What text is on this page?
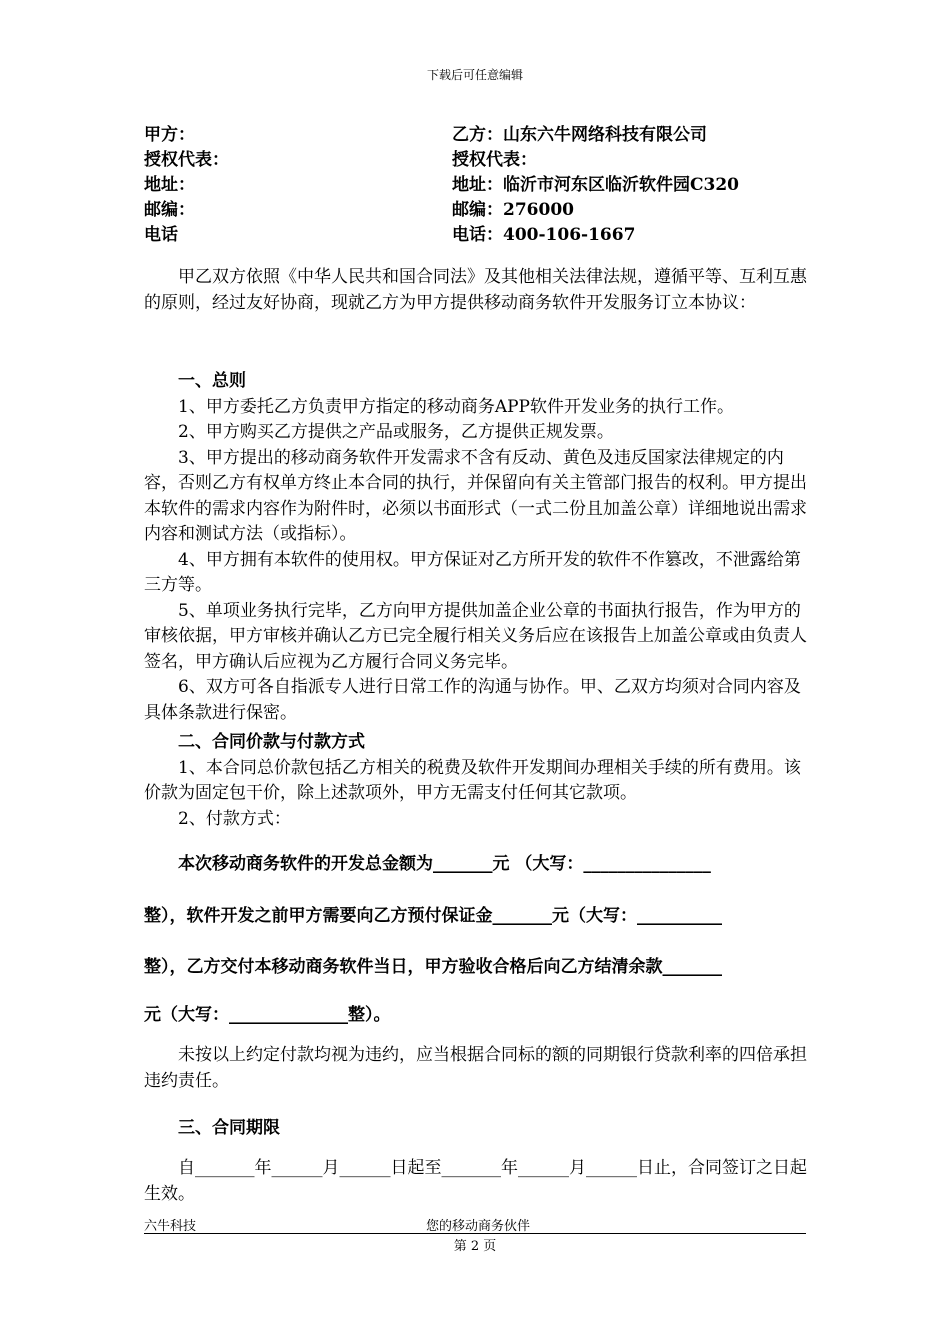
下载后可任意编辑
甲方：
授权代表：
地址：
邮编：
电话
乙方：山东六牛网络科技有限公司
授权代表：
地址：临沂市河东区临沂软件园C320
邮编：276000
电话：400-106-1667

甲乙双方依照《中华人民共和国合同法》及其他相关法律法规，遵循平等、互利互惠的原则，经过友好协商，现就乙方为甲方提供移动商务软件开发服务订立本协议：

一、总则

1、甲方委托乙方负责甲方指定的移动商务APP软件开发业务的执行工作。

2、甲方购买乙方提供之产品或服务，乙方提供正规发票。

3、甲方提出的移动商务软件开发需求不含有反动、黄色及违反国家法律规定的内容，否则乙方有权单方终止本合同的执行，并保留向有关主管部门报告的权利。甲方提出本软件的需求内容作为附件时，必须以书面形式（一式二份且加盖公章）详细地说出需求内容和测试方法（或指标）。

4、甲方拥有本软件的使用权。甲方保证对乙方所开发的软件不作篡改，不泄露给第三方等。

5、单项业务执行完毕，乙方向甲方提供加盖企业公章的书面执行报告，作为甲方的审核依据，甲方审核并确认乙方已完全履行相关义务后应在该报告上加盖公章或由负责人签名，甲方确认后应视为乙方履行合同义务完毕。

6、双方可各自指派专人进行日常工作的沟通与协作。甲、乙双方均须对合同内容及具体条款进行保密。

二、合同价款与付款方式

1、本合同总价款包括乙方相关的税费及软件开发期间办理相关手续的所有费用。该价款为固定包干价，除上述款项外，甲方无需支付任何其它款项。

2、付款方式：

本次移动商务软件的开发总金额为_______元 （大写：_______________
整），软件开发之前甲方需要向乙方预付保证金_______元（大写：__________
整），乙方交付本移动商务软件当日，甲方验收合格后向乙方结清余款_______
元（大写：______________整）。

未按以上约定付款均视为违约，应当根据合同标的额的同期银行贷款利率的四倍承担违约责任。

三、合同期限

自_______年______月______日起至_______年______月______日止，合同签订之日起生效。

六牛科技	您的移动商务伙伴
第 2 页
